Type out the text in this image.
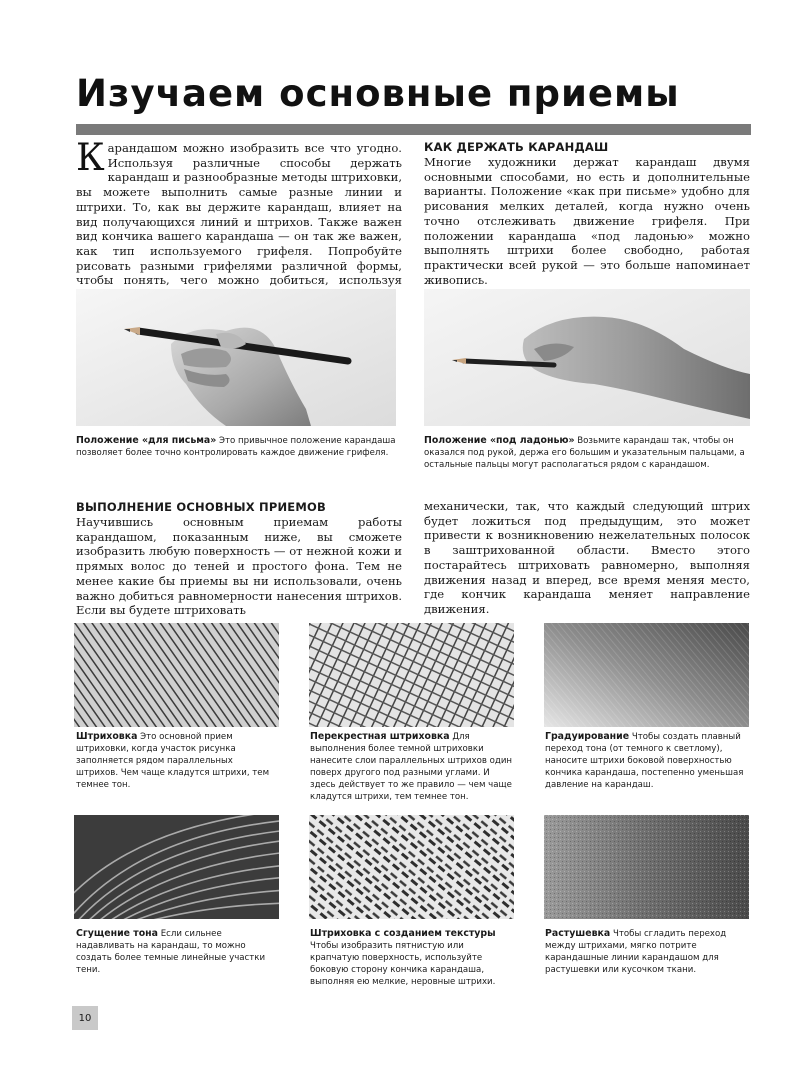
Изучаем основные приемы
Карандашом можно изобразить все что угодно. Используя различные способы держать карандаш и разнообразные методы штриховки, вы можете выполнить самые разные линии и штрихи. То, как вы держите карандаш, влияет на вид получающихся линий и штрихов. Также важен вид кончика вашего карандаша — он так же важен, как тип используемого грифеля. Попробуйте рисовать разными грифелями различной формы, чтобы понять, чего можно добиться, используя
КАК ДЕРЖАТЬ КАРАНДАШ
Многие художники держат карандаш двумя основными способами, но есть и дополнительные варианты. Положение «как при письме» удобно для рисования мелких деталей, когда нужно очень точно отслеживать движение грифеля. При положении карандаша «под ладонью» можно выполнять штрихи более свободно, работая практически всей рукой — это больше напоминает живопись.
Положение «для письма» Это привычное положение карандаша позволяет более точно контролировать каждое движение грифеля.
Положение «под ладонью» Возьмите карандаш так, чтобы он оказался под рукой, держа его большим и указательным пальцами, а остальные пальцы могут располагаться рядом с карандашом.
ВЫПОЛНЕНИЕ ОСНОВНЫХ ПРИЕМОВ
Научившись основным приемам работы карандашом, показанным ниже, вы сможете изобразить любую поверхность — от нежной кожи и прямых волос до теней и простого фона. Тем не менее какие бы приемы вы ни использовали, очень важно добиться равномерности нанесения штрихов. Если вы будете штриховать
механически, так, что каждый следующий штрих будет ложиться под предыдущим, это может привести к возникновению нежелательных полосок в заштрихованной области. Вместо этого постарайтесь штриховать равномерно, выполняя движения назад и вперед, все время меняя место, где кончик карандаша меняет направление движения.
Штриховка Это основной прием штриховки, когда участок рисунка заполняется рядом параллельных штрихов. Чем чаще кладутся штрихи, тем темнее тон.
Перекрестная штриховка Для выполнения более темной штриховки нанесите слои параллельных штрихов один поверх другого под разными углами. И здесь действует то же правило — чем чаще кладутся штрихи, тем темнее тон.
Градуирование Чтобы создать плавный переход тона (от темного к светлому), наносите штрихи боковой поверхностью кончика карандаша, постепенно уменьшая давление на карандаш.
Сгущение тона Если сильнее надавливать на карандаш, то можно создать более темные линейные участки тени.
Штриховка с созданием текстуры Чтобы изобразить пятнистую или крапчатую поверхность, используйте боковую сторону кончика карандаша, выполняя ею мелкие, неровные штрихи.
Растушевка Чтобы сгладить переход между штрихами, мягко потрите карандашные линии карандашом для растушевки или кусочком ткани.
10
